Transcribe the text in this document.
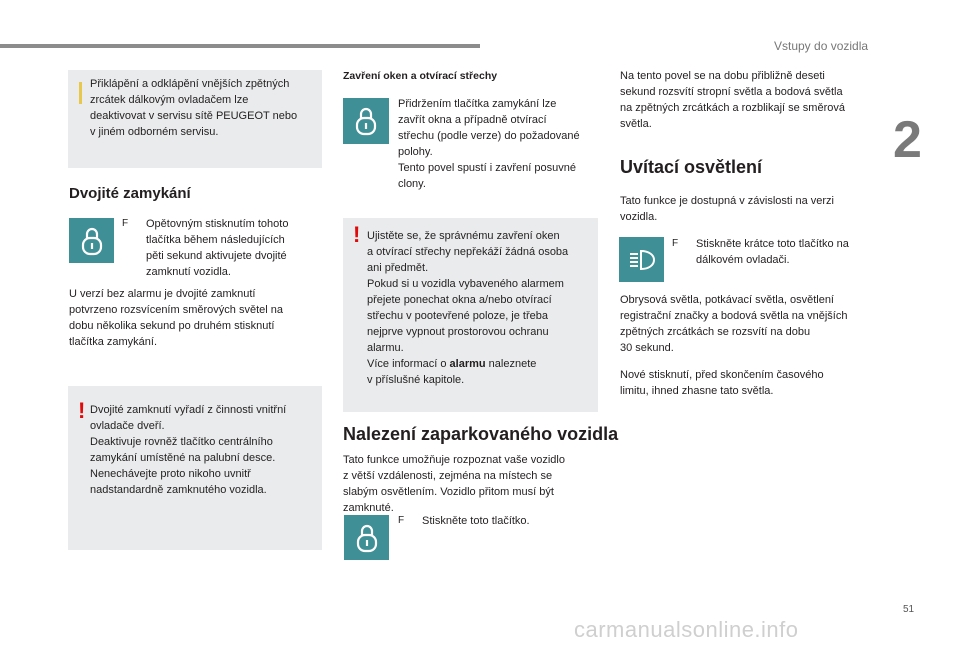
Vstupy do vozidla
2
Přiklápění a odklápění vnějších zpětných
zrcátek dálkovým ovladačem lze
deaktivovat v servisu sítě PEUGEOT nebo
v jiném odborném servisu.
Dvojité zamykání
F	Opětovným stisknutím tohoto
tlačítka během následujících
pěti sekund aktivujete dvojité
zamknutí vozidla.
U verzí bez alarmu je dvojité zamknutí
potvrzeno rozsvícením směrových světel na
dobu několika sekund po druhém stisknutí
tlačítka zamykání.
! Dvojité zamknutí vyřadí z činnosti vnitřní
ovladače dveří.
Deaktivuje rovněž tlačítko centrálního
zamykání umístěné na palubní desce.
Nenechávejte proto nikoho uvnitř
nadstandardně zamknutého vozidla.
Zavření oken a otvírací střechy
Přidržením tlačítka zamykání lze
zavřít okna a případně otvírací
střechu (podle verze) do požadované
polohy.
Tento povel spustí i zavření posuvné
clony.
! Ujistěte se, že správnému zavření oken
a otvírací střechy nepřekáží žádná osoba
ani předmět.
Pokud si u vozidla vybaveného alarmem
přejete ponechat okna a/nebo otvírací
střechu v pootevřené poloze, je třeba
nejprve vypnout prostorovou ochranu
alarmu.
Více informací o alarmu naleznete
v příslušné kapitole.
Nalezení zaparkovaného vozidla
Tato funkce umožňuje rozpoznat vaše vozidlo
z větší vzdálenosti, zejména na místech se
slabým osvětlením. Vozidlo přitom musí být
zamknuté.
F	Stiskněte toto tlačítko.
Na tento povel se na dobu přibližně deseti
sekund rozsvítí stropní světla a bodová světla
na zpětných zrcátkách a rozblikají se směrová
světla.
Uvítací osvětlení
Tato funkce je dostupná v závislosti na verzi
vozidla.
F	Stiskněte krátce toto tlačítko na
dálkovém ovladači.
Obrysová světla, potkávací světla, osvětlení
registrační značky a bodová světla na vnějších
zpětných zrcátkách se rozsvítí na dobu
30 sekund.
Nové stisknutí, před skončením časového
limitu, ihned zhasne tato světla.
51
carmanualsonline.info
